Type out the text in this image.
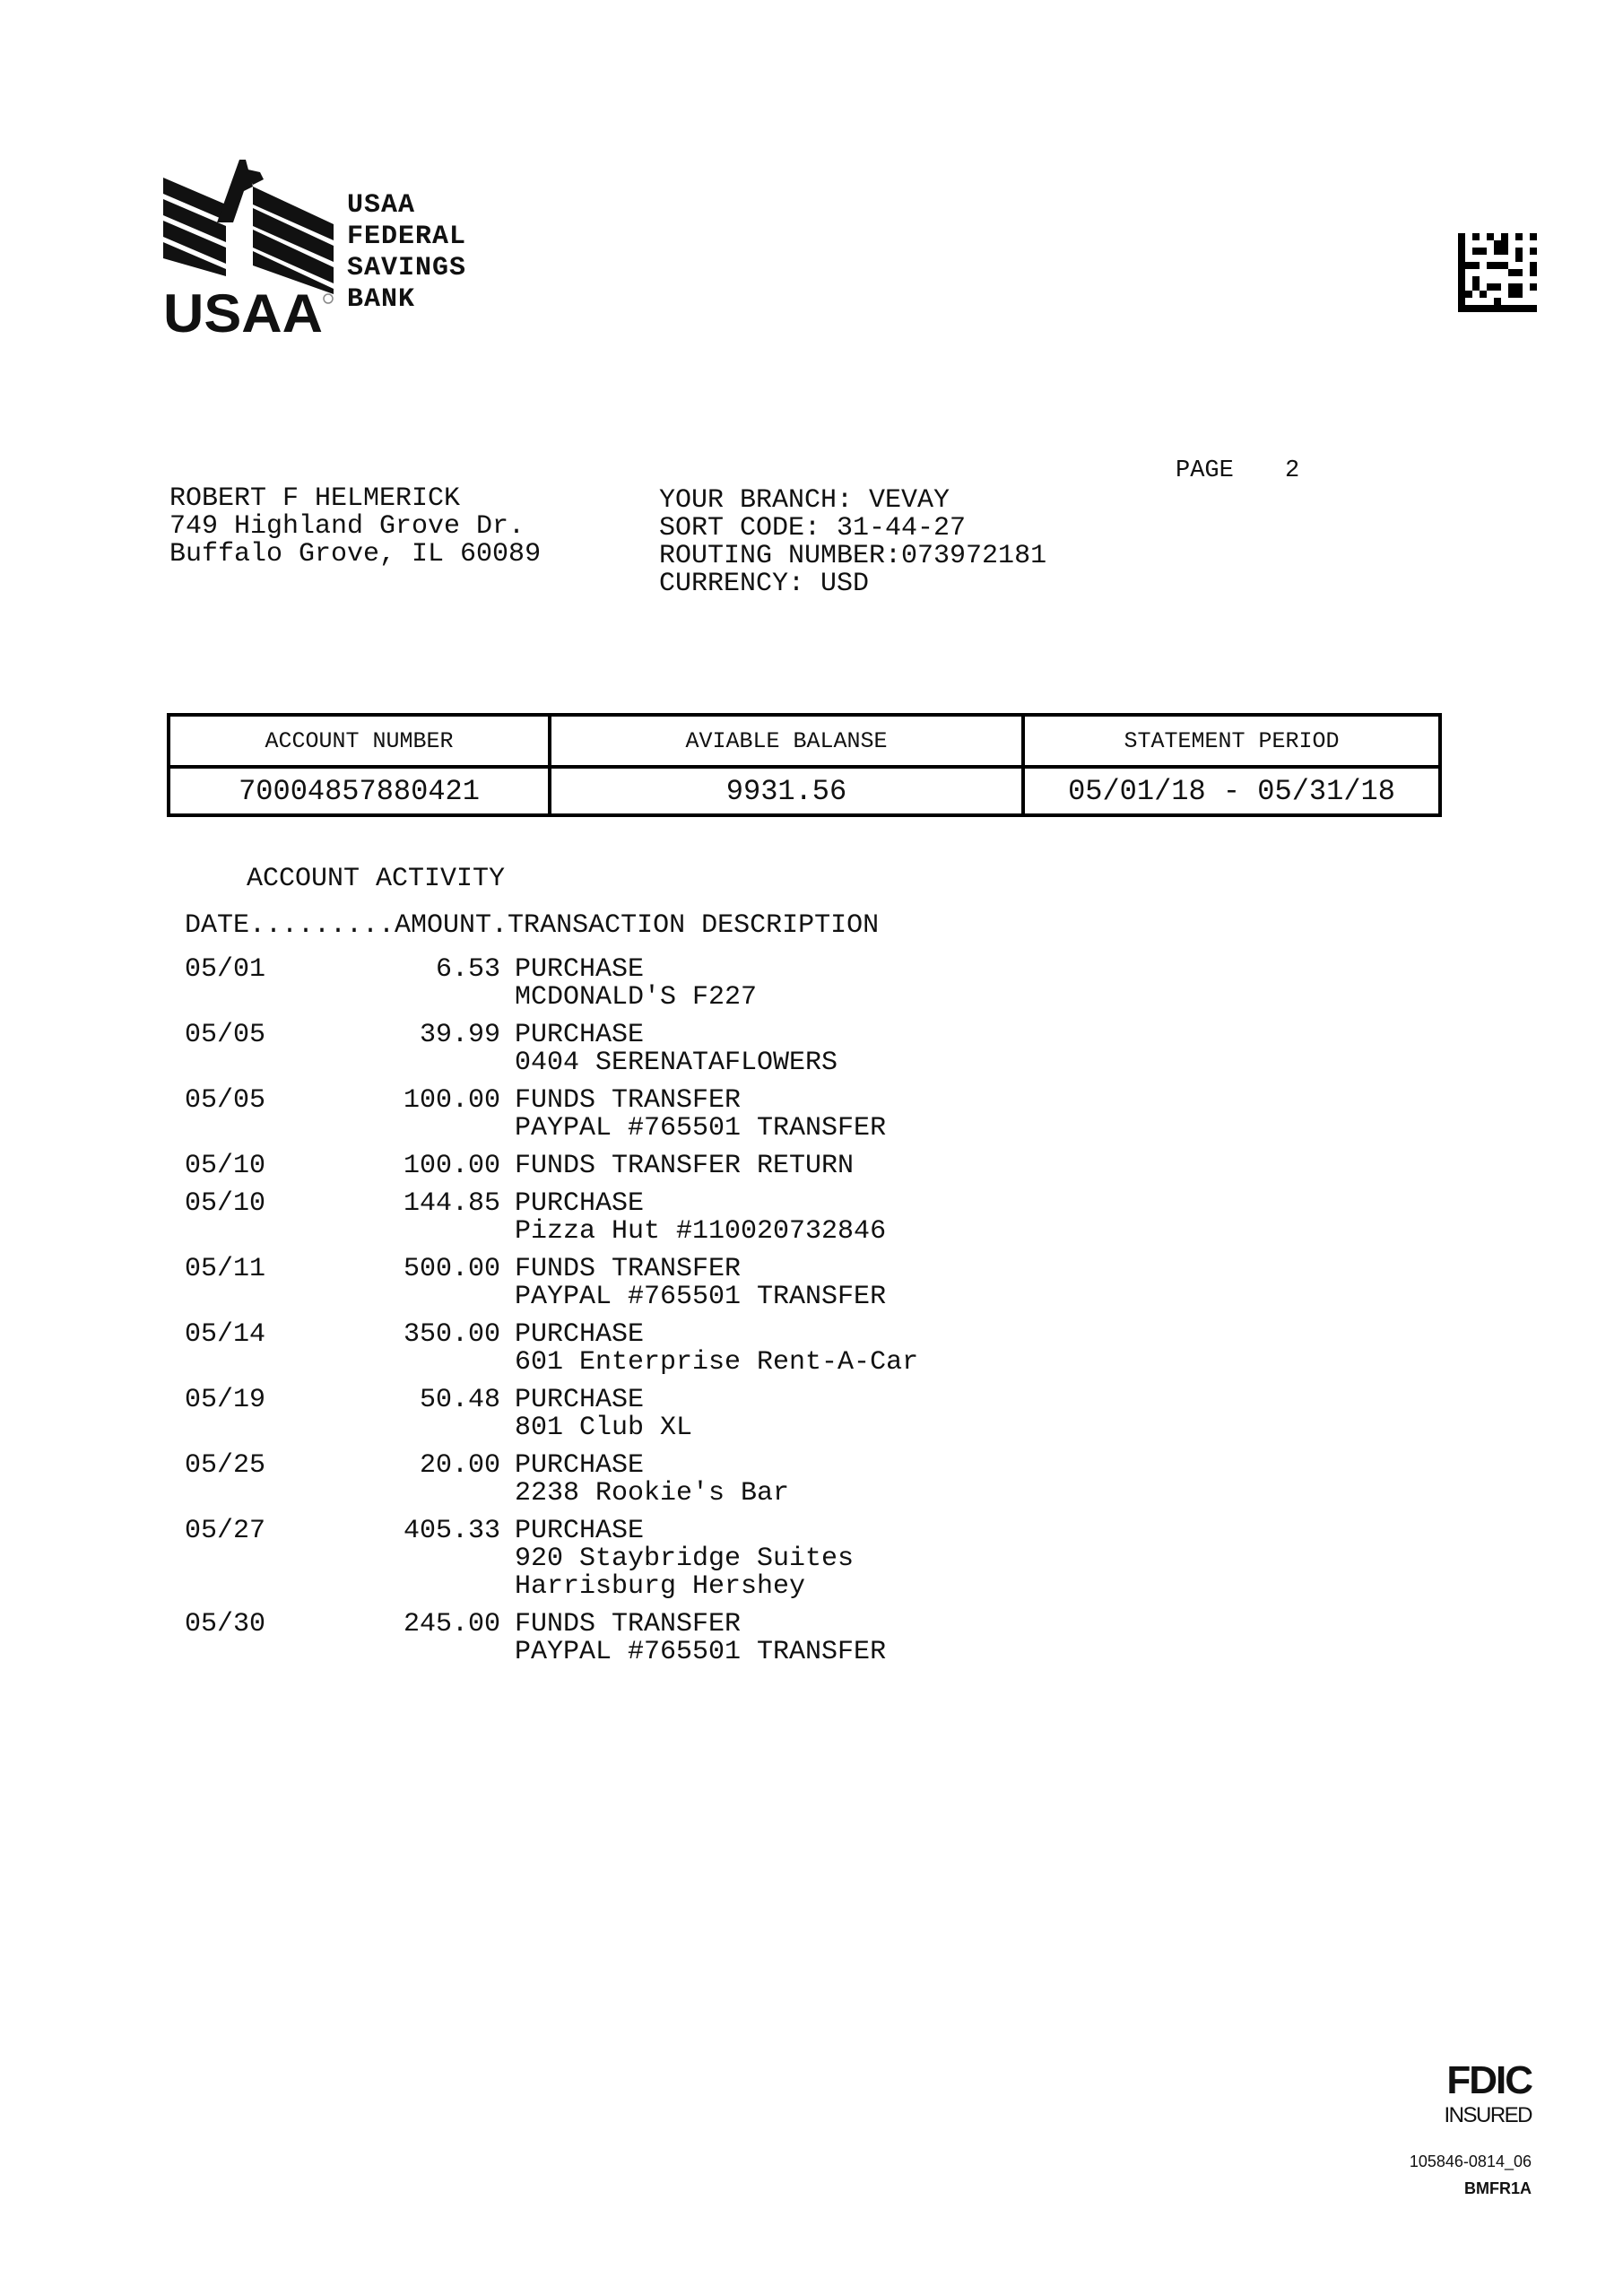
USAA
USAA
FEDERAL
SAVINGS
BANK
PAGE 2
ROBERT F HELMERICK
749 Highland Grove Dr.
Buffalo Grove, IL 60089
YOUR BRANCH: VEVAY
SORT CODE: 31-44-27
ROUTING NUMBER:073972181
CURRENCY: USD
ACCOUNT NUMBER	AVIABLE BALANSE	STATEMENT PERIOD
70004857880421	9931.56	05/01/18 - 05/31/18
ACCOUNT ACTIVITY
DATE.........AMOUNT.TRANSACTION DESCRIPTION
05/01	6.53 PURCHASE
MCDONALD'S F227
05/05	39.99 PURCHASE
0404 SERENATAFLOWERS
05/05	100.00 FUNDS TRANSFER
PAYPAL #765501 TRANSFER
05/10	100.00 FUNDS TRANSFER RETURN
05/10	144.85 PURCHASE
Pizza Hut #110020732846
05/11	500.00 FUNDS TRANSFER
PAYPAL #765501 TRANSFER
05/14	350.00 PURCHASE
601 Enterprise Rent-A-Car
05/19	50.48 PURCHASE
801 Club XL
05/25	20.00 PURCHASE
2238 Rookie's Bar
05/27	405.33 PURCHASE
920 Staybridge Suites
Harrisburg Hershey
05/30	245.00 FUNDS TRANSFER
PAYPAL #765501 TRANSFER
FDIC
INSURED
105846-0814_06
BMFR1A
